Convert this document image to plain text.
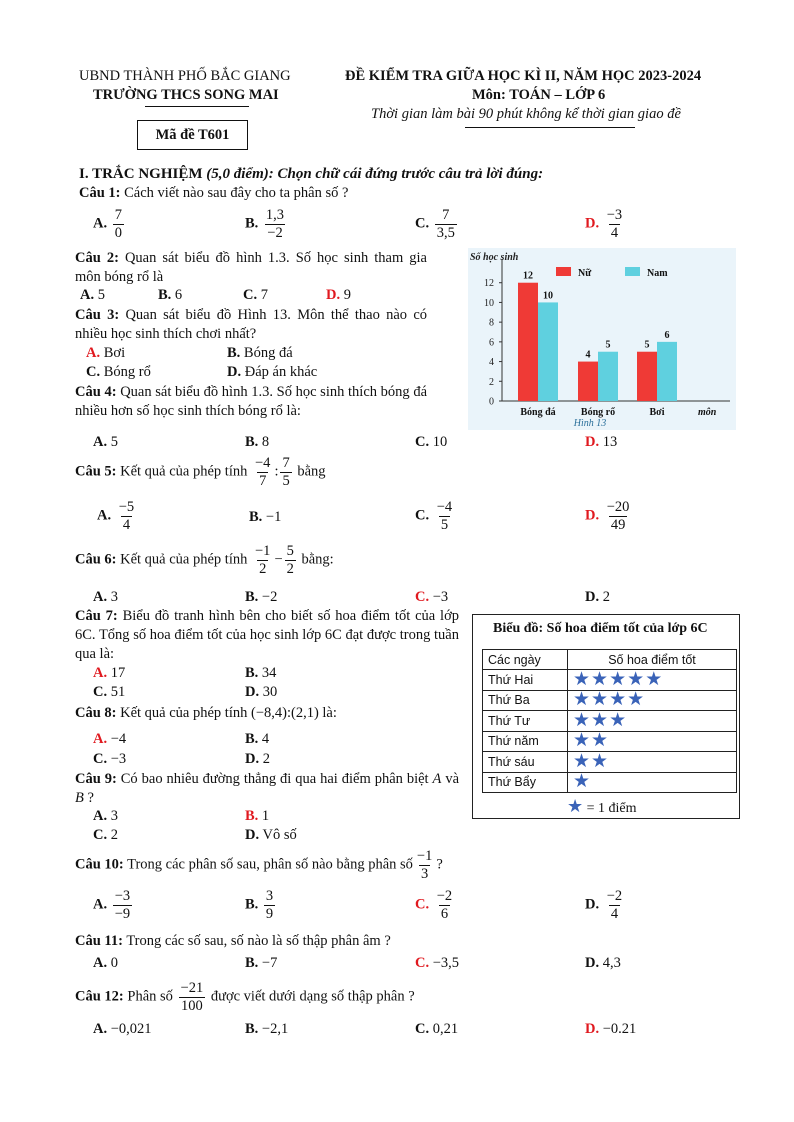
UBND THÀNH PHỐ BẮC GIANG
TRƯỜNG THCS SONG MAI
ĐỀ KIỂM TRA GIỮA HỌC KÌ II, NĂM HỌC 2023-2024
Môn: TOÁN – LỚP 6
Thời gian làm bài 90 phút không kể thời gian giao đề
Mã đề T601
I. TRẮC NGHIỆM (5,0 điểm): Chọn chữ cái đứng trước câu trả lời đúng:
Câu 1: Cách viết nào sau đây cho ta phân số ?
A. $\frac{7}{0}$	B. $\frac{1,3}{-2}$	C. $\frac{7}{3,5}$	D. $\frac{-3}{4}$
Câu 2: Quan sát biểu đồ hình 1.3. Số học sinh tham gia môn bóng rổ là
A. 5	B. 6	C. 7	D. 9
Câu 3: Quan sát biểu đồ Hình 13. Môn thể thao nào có nhiều học sinh thích chơi nhất?
A. Bơi	B. Bóng đá
C. Bóng rổ	D. Đáp án khác
Câu 4: Quan sát biểu đồ hình 1.3. Số học sinh thích bóng đá nhiều hơn số học sinh thích bóng rổ là:
A. 5	B. 8	C. 10	D. 13
Câu 5: Kết quả của phép tính $\frac{-4}{7}$ : $\frac{7}{5}$ bằng
A. $\frac{-5}{4}$	B. −1	C. $\frac{-4}{5}$	D. $\frac{-20}{49}$
Câu 6: Kết quả của phép tính $\frac{-1}{2} - \frac{5}{2}$ bằng:
A. 3	B. −2	C. −3	D. 2
Câu 7: Biểu đồ tranh hình bên cho biết số hoa điểm tốt của lớp 6C. Tổng số hoa điểm tốt của học sinh lớp 6C đạt được trong tuần qua là:
A. 17	B. 34
C. 51	D. 30
Câu 8: Kết quả của phép tính (−8,4):(2,1) là:
A. −4	B. 4
C. −3	D. 2
Câu 9: Có bao nhiêu đường thẳng đi qua hai điểm phân biệt A và B ?
A. 3	B. 1
C. 2	D. Vô số
Câu 10: Trong các phân số sau, phân số nào bằng phân số $\frac{-1}{3}$ ?
A. $\frac{-3}{-9}$	B. $\frac{3}{9}$	C. $\frac{-2}{6}$	D. $\frac{-2}{4}$
Câu 11: Trong các số sau, số nào là số thập phân âm ?
A. 0	B. −7	C. −3,5	D. 4,3
Câu 12: Phân số $\frac{-21}{100}$ được viết dưới dạng số thập phân ?
A. −0,021	B. −2,1	C. 0,21	D. −0.21
Số học sinh
0
2
4
6
8
10
12
12
10
Bóng đá
4
5
Bóng rổ
5
6
Bơi	môn
Hình 13
Nữ	Nam
Biểu đồ: Số hoa điểm tốt của lớp 6C
Các ngày	Số hoa điểm tốt
Thứ Hai	★★★★★
Thứ Ba	★★★★
Thứ Tư	★★★
Thứ năm	★★
Thứ sáu	★★
Thứ Bẩy	★
★ = 1 điểm
